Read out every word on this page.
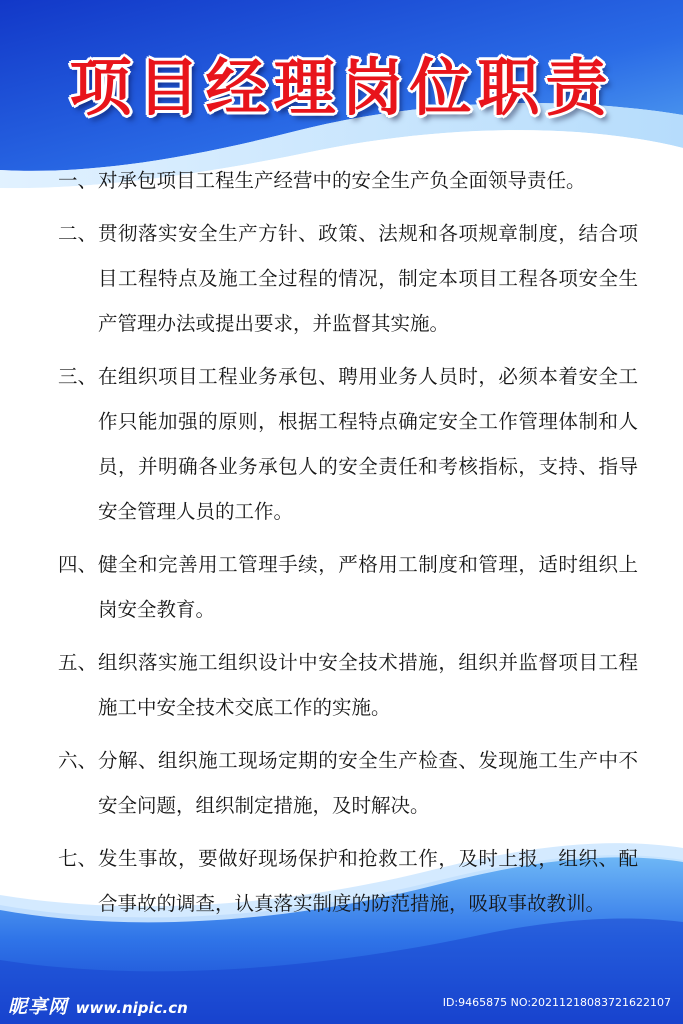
项目经理岗位职责
一、 对承包项目工程生产经营中的安全生产负全面领导责任。
二、 贯彻落实安全生产方针、政策、法规和各项规章制度，结合项目工程特点及施工全过程的情况，制定本项目工程各项安全生产管理办法或提出要求，并监督其实施。
三、 在组织项目工程业务承包、聘用业务人员时，必须本着安全工作只能加强的原则，根据工程特点确定安全工作管理体制和人员，并明确各业务承包人的安全责任和考核指标，支持、指导安全管理人员的工作。
四、 健全和完善用工管理手续，严格用工制度和管理，适时组织上岗安全教育。
五、 组织落实施工组织设计中安全技术措施，组织并监督项目工程施工中安全技术交底工作的实施。
六、 分解、组织施工现场定期的安全生产检查、发现施工生产中不安全问题，组织制定措施，及时解决。
七、 发生事故，要做好现场保护和抢救工作，及时上报，组织、配合事故的调查，认真落实制度的防范措施，吸取事故教训。
昵享网 www.nipic.cn	ID:9465875 NO:20211218083721622107
